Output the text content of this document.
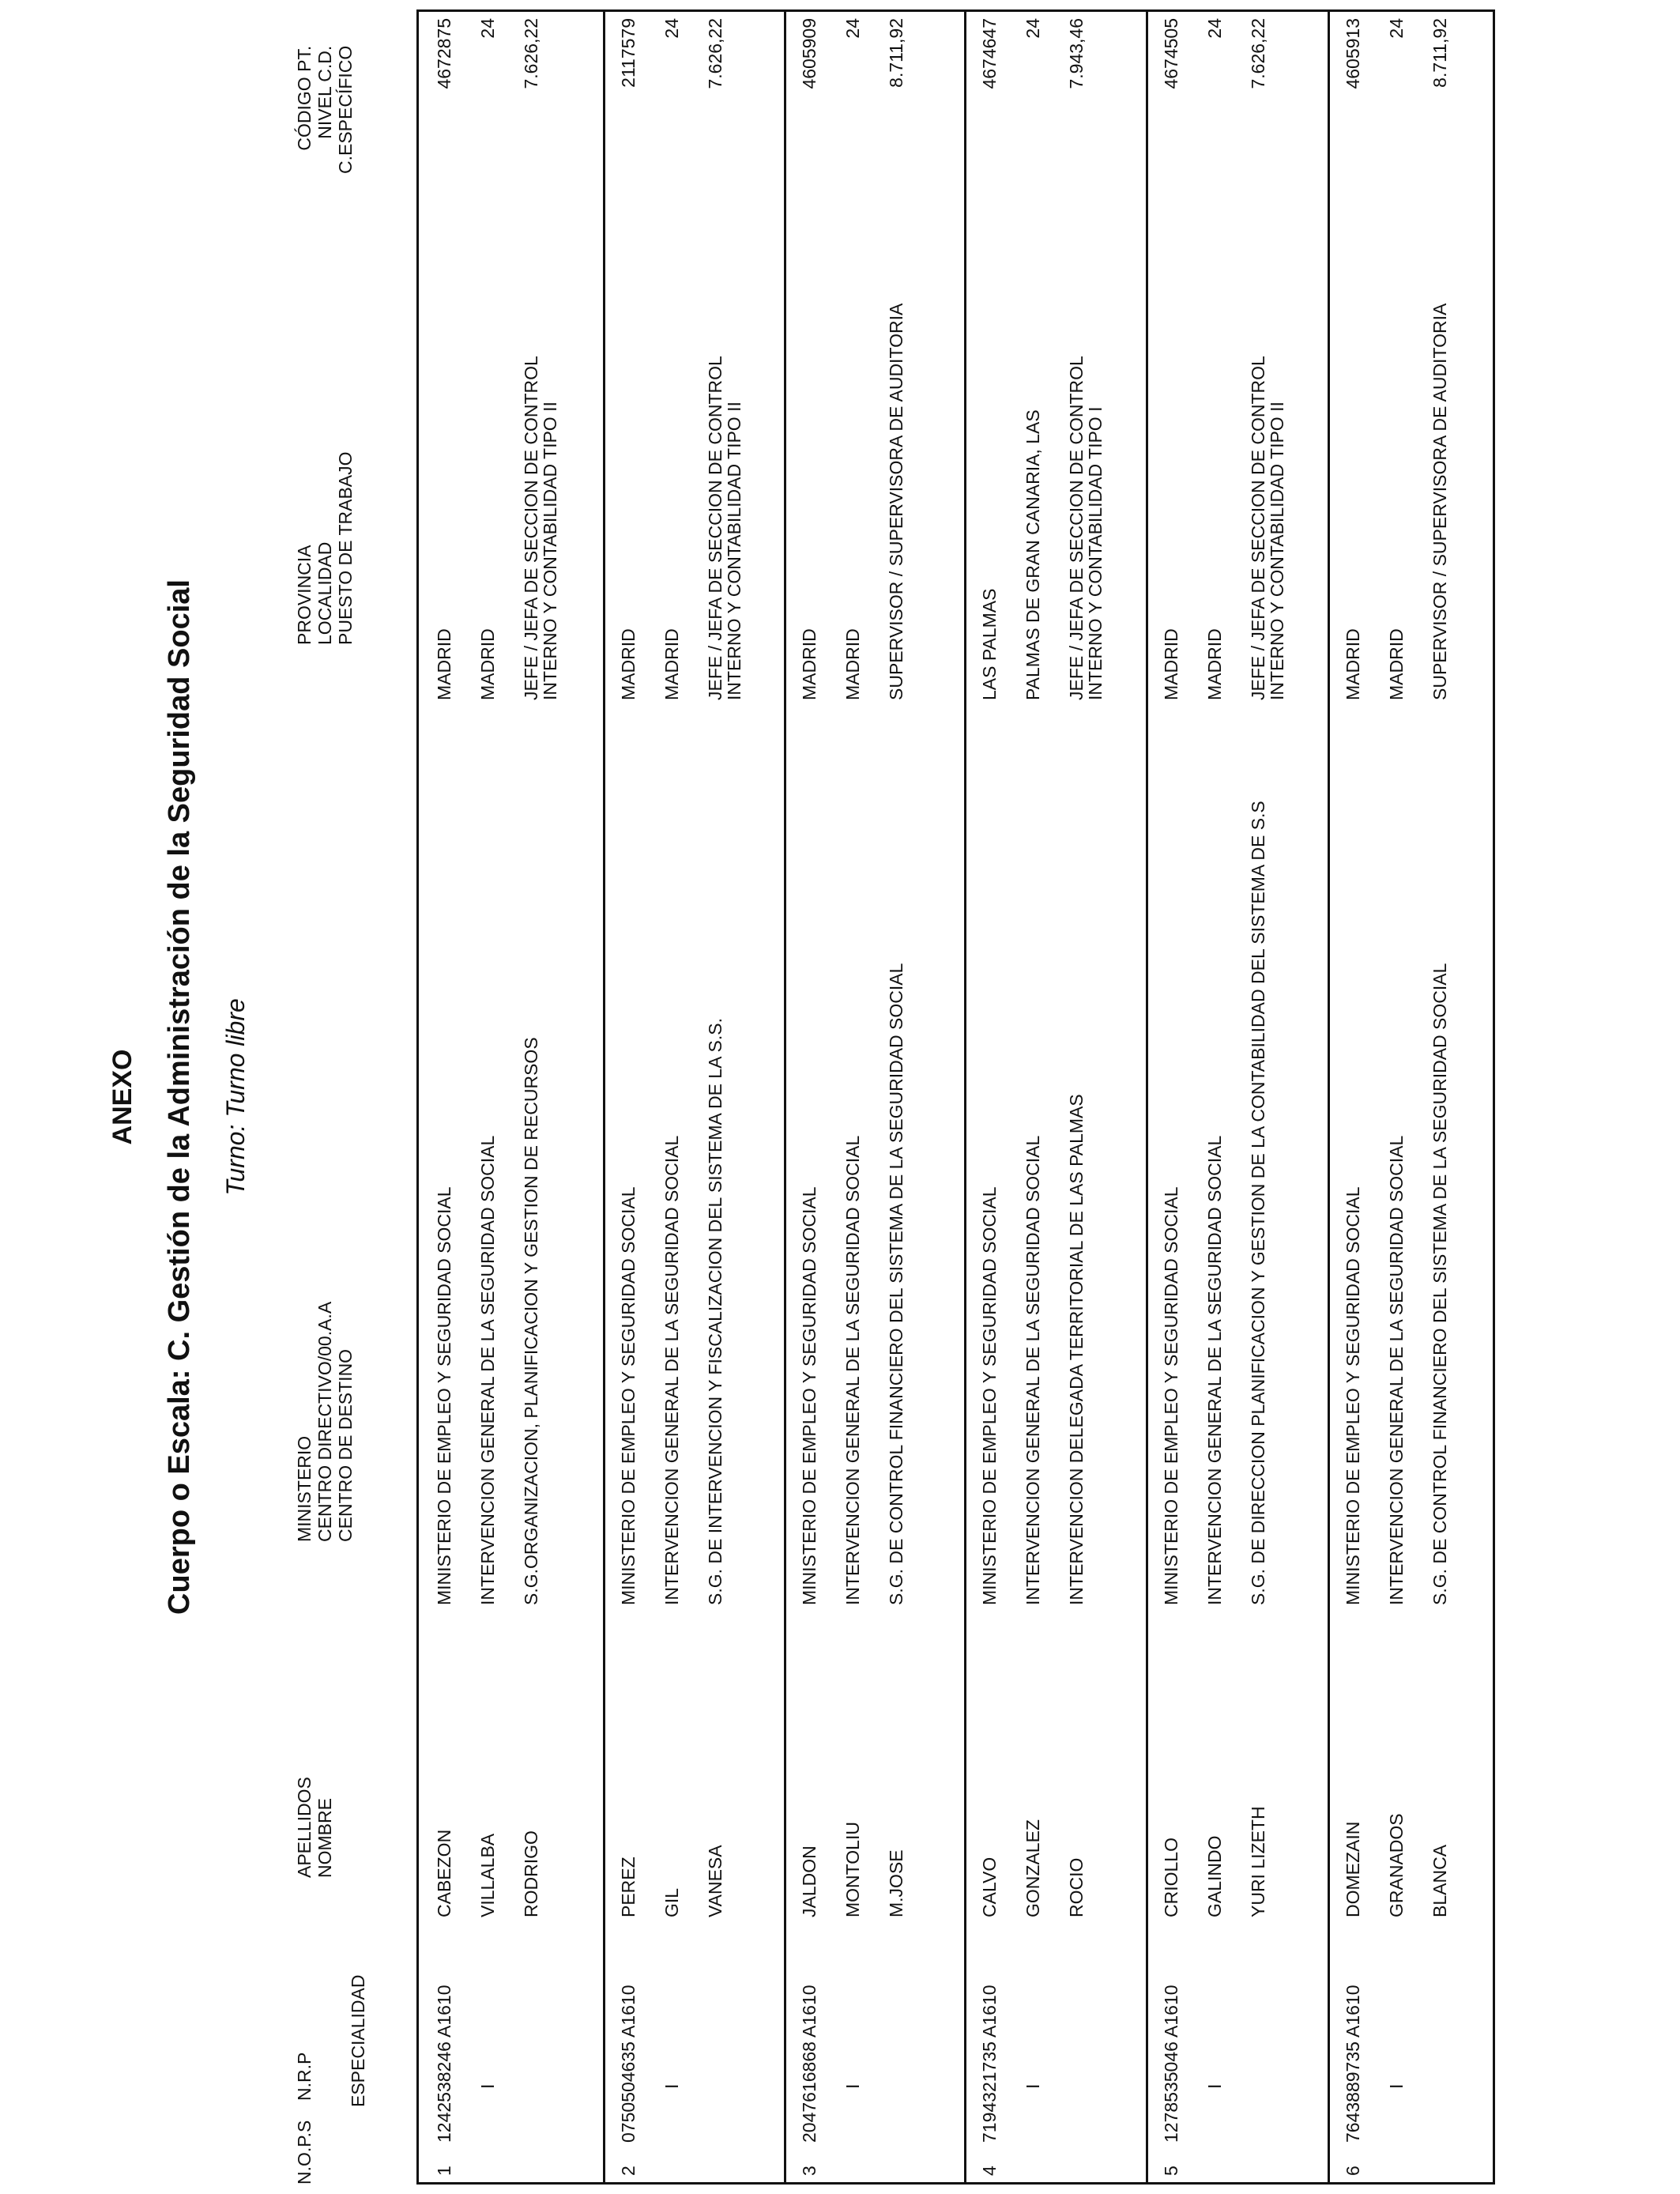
ANEXO Cuerpo o Escala: C. Gestión de la Administración de la Seguridad Social Turno: Turno libre
N.O.P.S
N.R.P ESPECIALIDAD
APELLIDOS NOMBRE
MINISTERIO CENTRO DIRECTIVO/00.A.A CENTRO DE DESTINO
PROVINCIA LOCALIDAD PUESTO DE TRABAJO
CÓDIGO PT. NIVEL C.D. C.ESPECÍFICO
1
1242538246 A1610 I
CABEZON VILLALBA RODRIGO
MINISTERIO DE EMPLEO Y SEGURIDAD SOCIAL INTERVENCION GENERAL DE LA SEGURIDAD SOCIAL S.G.ORGANIZACION, PLANIFICACION Y GESTION DE RECURSOS
MADRID MADRID JEFE / JEFA DE SECCION DE CONTROL INTERNO Y CONTABILIDAD TIPO II
4672875 24 7.626,22
2
0750504635 A1610 I
PEREZ GIL VANESA
MINISTERIO DE EMPLEO Y SEGURIDAD SOCIAL INTERVENCION GENERAL DE LA SEGURIDAD SOCIAL S.G. DE INTERVENCION Y FISCALIZACION DEL SISTEMA DE LA S.S.
MADRID MADRID JEFE / JEFA DE SECCION DE CONTROL INTERNO Y CONTABILIDAD TIPO II
2117579 24 7.626,22
3
2047616868 A1610 I
JALDON MONTOLIU M.JOSE
MINISTERIO DE EMPLEO Y SEGURIDAD SOCIAL INTERVENCION GENERAL DE LA SEGURIDAD SOCIAL S.G. DE CONTROL FINANCIERO DEL SISTEMA DE LA SEGURIDAD SOCIAL
MADRID MADRID SUPERVISOR / SUPERVISORA DE AUDITORIA
4605909 24 8.711,92
4
7194321735 A1610 I
CALVO GONZALEZ ROCIO
MINISTERIO DE EMPLEO Y SEGURIDAD SOCIAL INTERVENCION GENERAL DE LA SEGURIDAD SOCIAL INTERVENCION DELEGADA TERRITORIAL DE LAS PALMAS
LAS PALMAS PALMAS DE GRAN CANARIA, LAS JEFE / JEFA DE SECCION DE CONTROL INTERNO Y CONTABILIDAD TIPO I
4674647 24 7.943,46
5
1278535046 A1610 I
CRIOLLO GALINDO YURI LIZETH
MINISTERIO DE EMPLEO Y SEGURIDAD SOCIAL INTERVENCION GENERAL DE LA SEGURIDAD SOCIAL S.G. DE DIRECCION PLANIFICACION Y GESTION DE LA CONTABILIDAD DEL SISTEMA DE S.S
MADRID MADRID JEFE / JEFA DE SECCION DE CONTROL INTERNO Y CONTABILIDAD TIPO II
4674505 24 7.626,22
6
7643889735 A1610 I
DOMEZAIN GRANADOS BLANCA
MINISTERIO DE EMPLEO Y SEGURIDAD SOCIAL INTERVENCION GENERAL DE LA SEGURIDAD SOCIAL S.G. DE CONTROL FINANCIERO DEL SISTEMA DE LA SEGURIDAD SOCIAL
MADRID MADRID SUPERVISOR / SUPERVISORA DE AUDITORIA
4605913 24 8.711,92
